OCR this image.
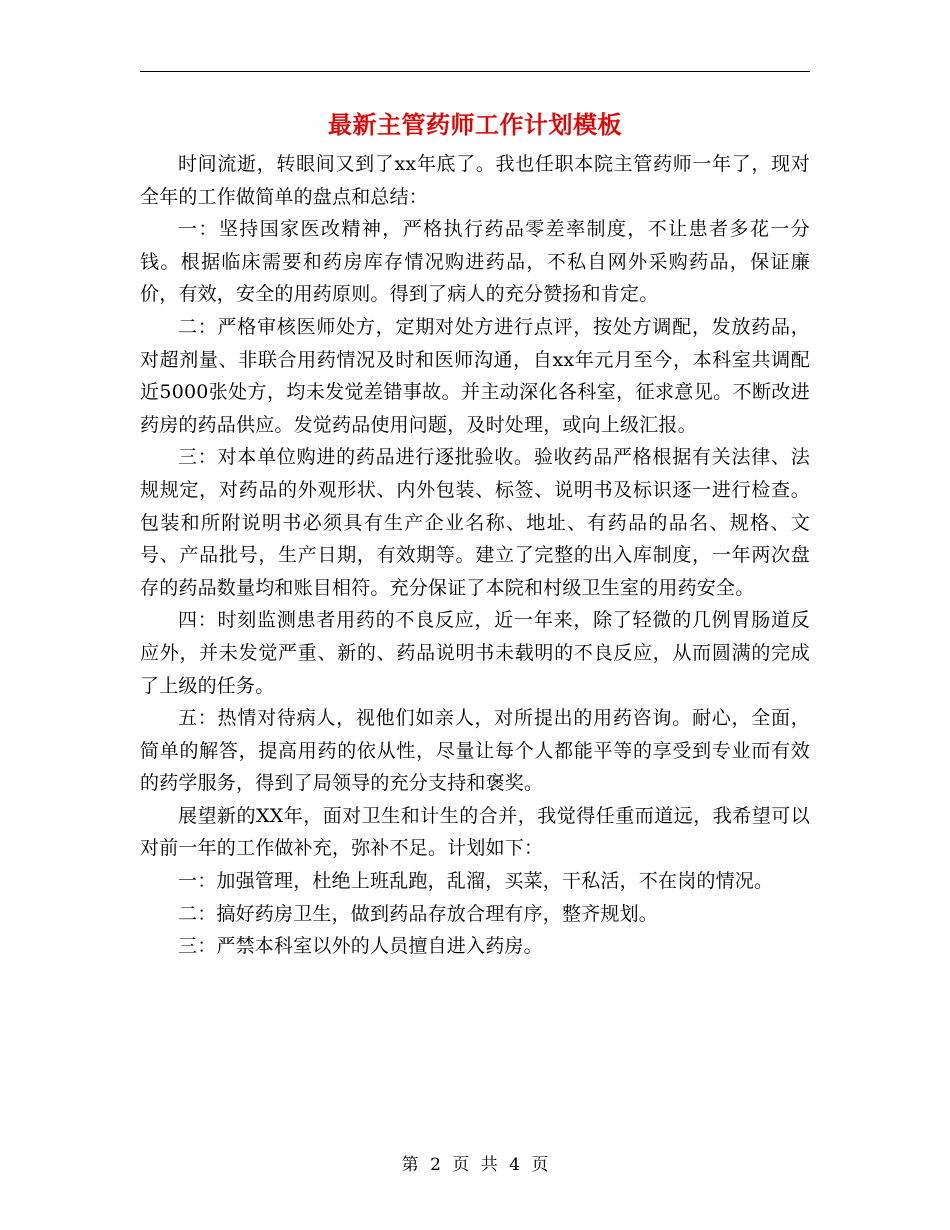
最新主管药师工作计划模板

时间流逝，转眼间又到了xx年底了。我也任职本院主管药师一年了，现对全年的工作做简单的盘点和总结：

一：坚持国家医改精神，严格执行药品零差率制度，不让患者多花一分钱。根据临床需要和药房库存情况购进药品，不私自网外采购药品，保证廉价，有效，安全的用药原则。得到了病人的充分赞扬和肯定。

二：严格审核医师处方，定期对处方进行点评，按处方调配，发放药品，对超剂量、非联合用药情况及时和医师沟通，自xx年元月至今，本科室共调配近5000张处方，均未发觉差错事故。并主动深化各科室，征求意见。不断改进药房的药品供应。发觉药品使用问题，及时处理，或向上级汇报。

三：对本单位购进的药品进行逐批验收。验收药品严格根据有关法律、法规规定，对药品的外观形状、内外包装、标签、说明书及标识逐一进行检查。包装和所附说明书必须具有生产企业名称、地址、有药品的品名、规格、文号、产品批号，生产日期，有效期等。建立了完整的出入库制度，一年两次盘存的药品数量均和账目相符。充分保证了本院和村级卫生室的用药安全。

四：时刻监测患者用药的不良反应，近一年来，除了轻微的几例胃肠道反应外，并未发觉严重、新的、药品说明书未载明的不良反应，从而圆满的完成了上级的任务。

五：热情对待病人，视他们如亲人，对所提出的用药咨询。耐心，全面，简单的解答，提高用药的依从性，尽量让每个人都能平等的享受到专业而有效的药学服务，得到了局领导的充分支持和褒奖。

展望新的XX年，面对卫生和计生的合并，我觉得任重而道远，我希望可以对前一年的工作做补充，弥补不足。计划如下：

一：加强管理，杜绝上班乱跑，乱溜，买菜，干私活，不在岗的情况。

二：搞好药房卫生，做到药品存放合理有序，整齐规划。

三：严禁本科室以外的人员擅自进入药房。

第 2 页 共 4 页
